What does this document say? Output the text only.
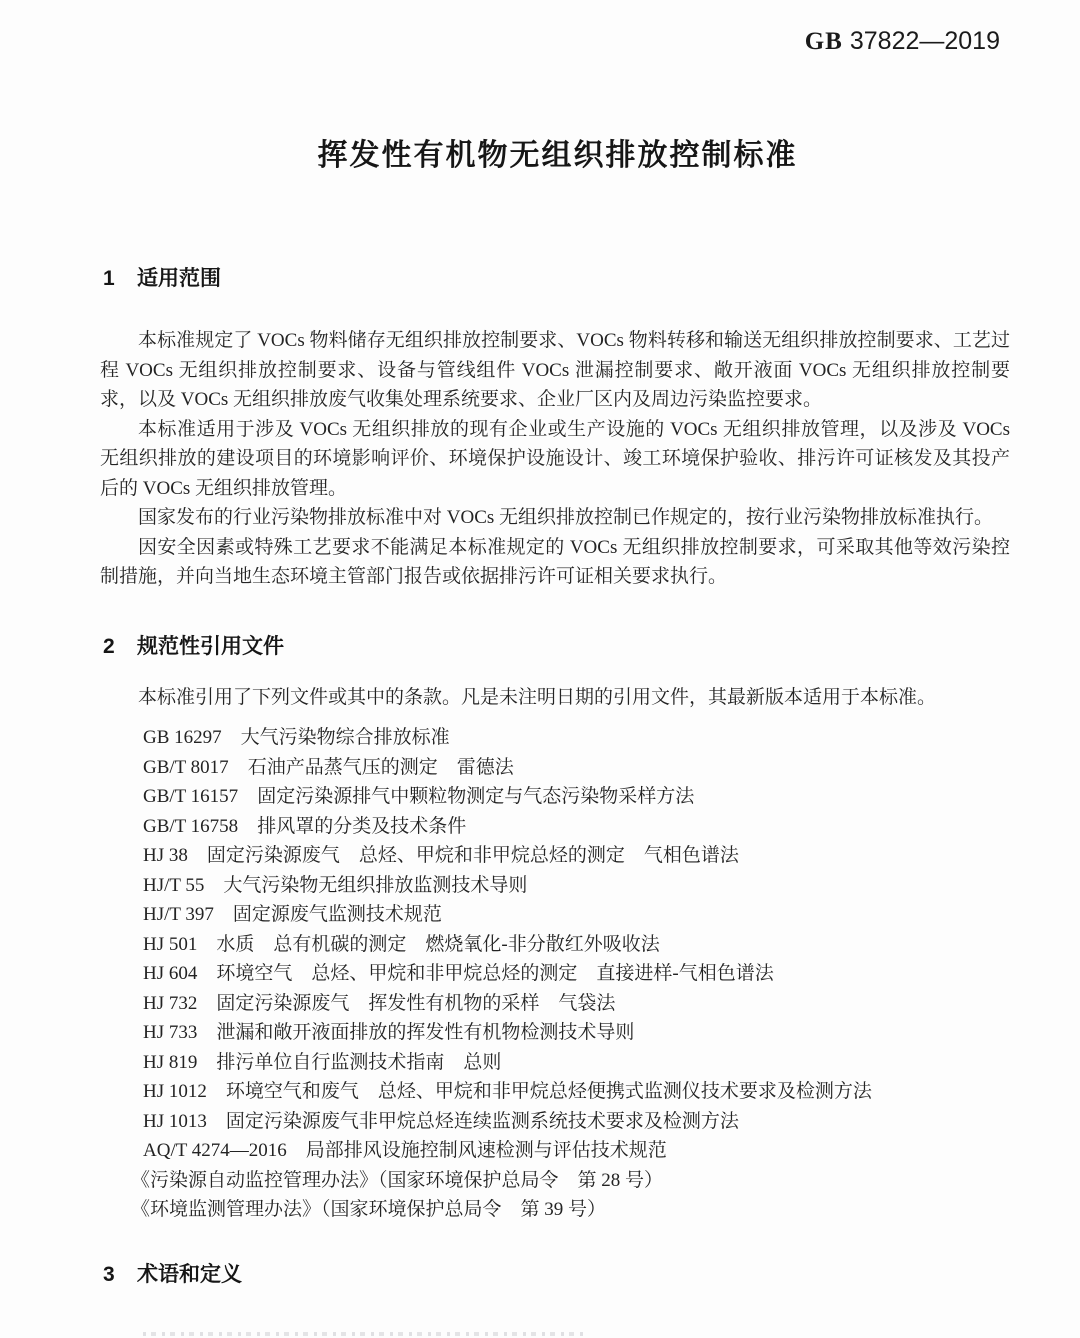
GB 37822—2019
挥发性有机物无组织排放控制标准
1 适用范围

本标准规定了 VOCs 物料储存无组织排放控制要求、VOCs 物料转移和输送无组织排放控制要求、工艺过程 VOCs 无组织排放控制要求、设备与管线组件 VOCs 泄漏控制要求、敞开液面 VOCs 无组织排放控制要求，以及 VOCs 无组织排放废气收集处理系统要求、企业厂区内及周边污染监控要求。

本标准适用于涉及 VOCs 无组织排放的现有企业或生产设施的 VOCs 无组织排放管理，以及涉及 VOCs 无组织排放的建设项目的环境影响评价、环境保护设施设计、竣工环境保护验收、排污许可证核发及其投产后的 VOCs 无组织排放管理。

国家发布的行业污染物排放标准中对 VOCs 无组织排放控制已作规定的，按行业污染物排放标准执行。

因安全因素或特殊工艺要求不能满足本标准规定的 VOCs 无组织排放控制要求，可采取其他等效污染控制措施，并向当地生态环境主管部门报告或依据排污许可证相关要求执行。

2 规范性引用文件

本标准引用了下列文件或其中的条款。凡是未注明日期的引用文件，其最新版本适用于本标准。

GB 16297 大气污染物综合排放标准
GB/T 8017 石油产品蒸气压的测定　雷德法
GB/T 16157 固定污染源排气中颗粒物测定与气态污染物采样方法
GB/T 16758 排风罩的分类及技术条件
HJ 38 固定污染源废气　总烃、甲烷和非甲烷总烃的测定　气相色谱法
HJ/T 55 大气污染物无组织排放监测技术导则
HJ/T 397 固定源废气监测技术规范
HJ 501 水质　总有机碳的测定　燃烧氧化-非分散红外吸收法
HJ 604 环境空气　总烃、甲烷和非甲烷总烃的测定　直接进样-气相色谱法
HJ 732 固定污染源废气　挥发性有机物的采样　气袋法
HJ 733 泄漏和敞开液面排放的挥发性有机物检测技术导则
HJ 819 排污单位自行监测技术指南　总则
HJ 1012 环境空气和废气　总烃、甲烷和非甲烷总烃便携式监测仪技术要求及检测方法
HJ 1013 固定污染源废气非甲烷总烃连续监测系统技术要求及检测方法
AQ/T 4274—2016 局部排风设施控制风速检测与评估技术规范
《污染源自动监控管理办法》（国家环境保护总局令　第 28 号）
《环境监测管理办法》（国家环境保护总局令　第 39 号）
3 术语和定义
